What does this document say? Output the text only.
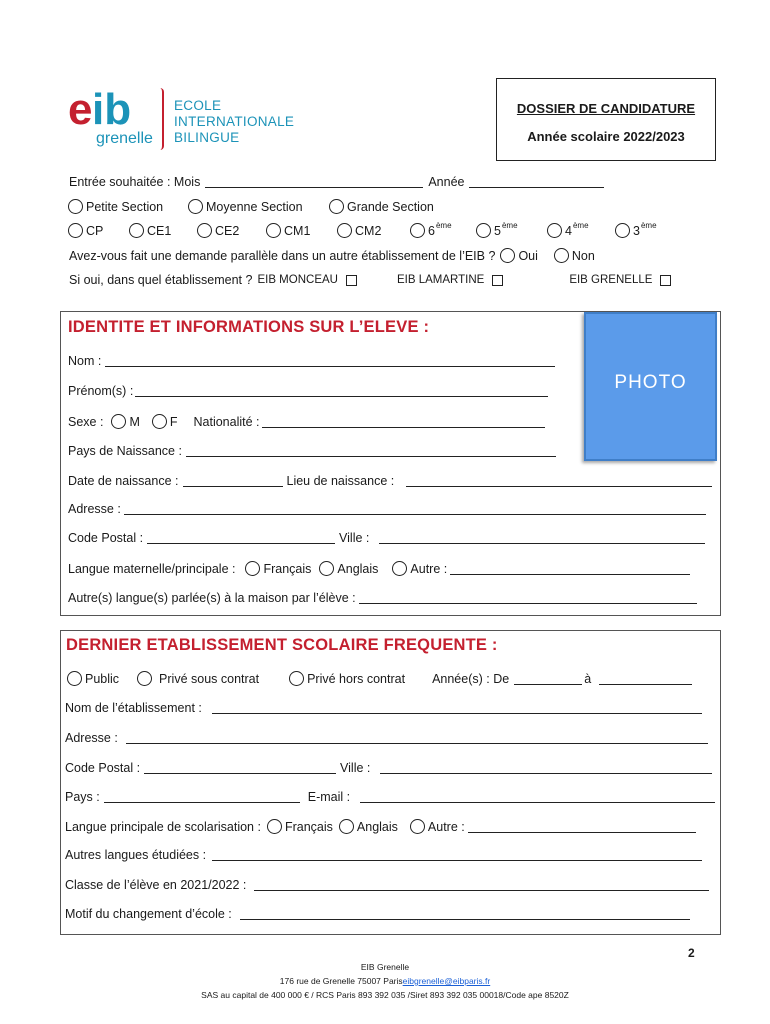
e ib
grenelle
ECOLE
INTERNATIONALE
BILINGUE
DOSSIER DE CANDIDATURE
Année scolaire 2022/2023
Entrée souhaitée : Mois	Année
Petite Section	Moyenne Section	Grande Section
CP	CE1	CE2	CM1	CM2	6 ème	5 ème	4 ème	3 ème
Avez-vous fait une demande parallèle dans un autre établissement de l’EIB ? Oui	Non
Si oui, dans quel établissement ? EIB MONCEAU	EIB LAMARTINE	EIB GRENELLE
IDENTITE ET INFORMATIONS SUR L’ELEVE :
PHOTO
Nom :
Prénom(s) :
Sexe : M F Nationalité :
Pays de Naissance :
Date de naissance :	Lieu de naissance :
Adresse :
Code Postal :	Ville :
Langue maternelle/principale : Français Anglais	Autre :
Autre(s) langue(s) parlée(s) à la maison par l’élève :
DERNIER ETABLISSEMENT SCOLAIRE FREQUENTE :
Public	Privé sous contrat	Privé hors contrat Année(s) : De	à
Nom de l’établissement :
Adresse :
Code Postal :	Ville :
Pays :	E-mail :
Langue principale de scolarisation : Français Anglais Autre :
Autres langues étudiées :
Classe de l’élève en 2021/2022 :
Motif du changement d’école :
2
EIB Grenelle
176 rue de Grenelle 75007 Pariseibgrenelle@eibparis.fr
SAS au capital de 400 000 € / RCS Paris 893 392 035 /Siret 893 392 035 00018/Code ape 8520Z
